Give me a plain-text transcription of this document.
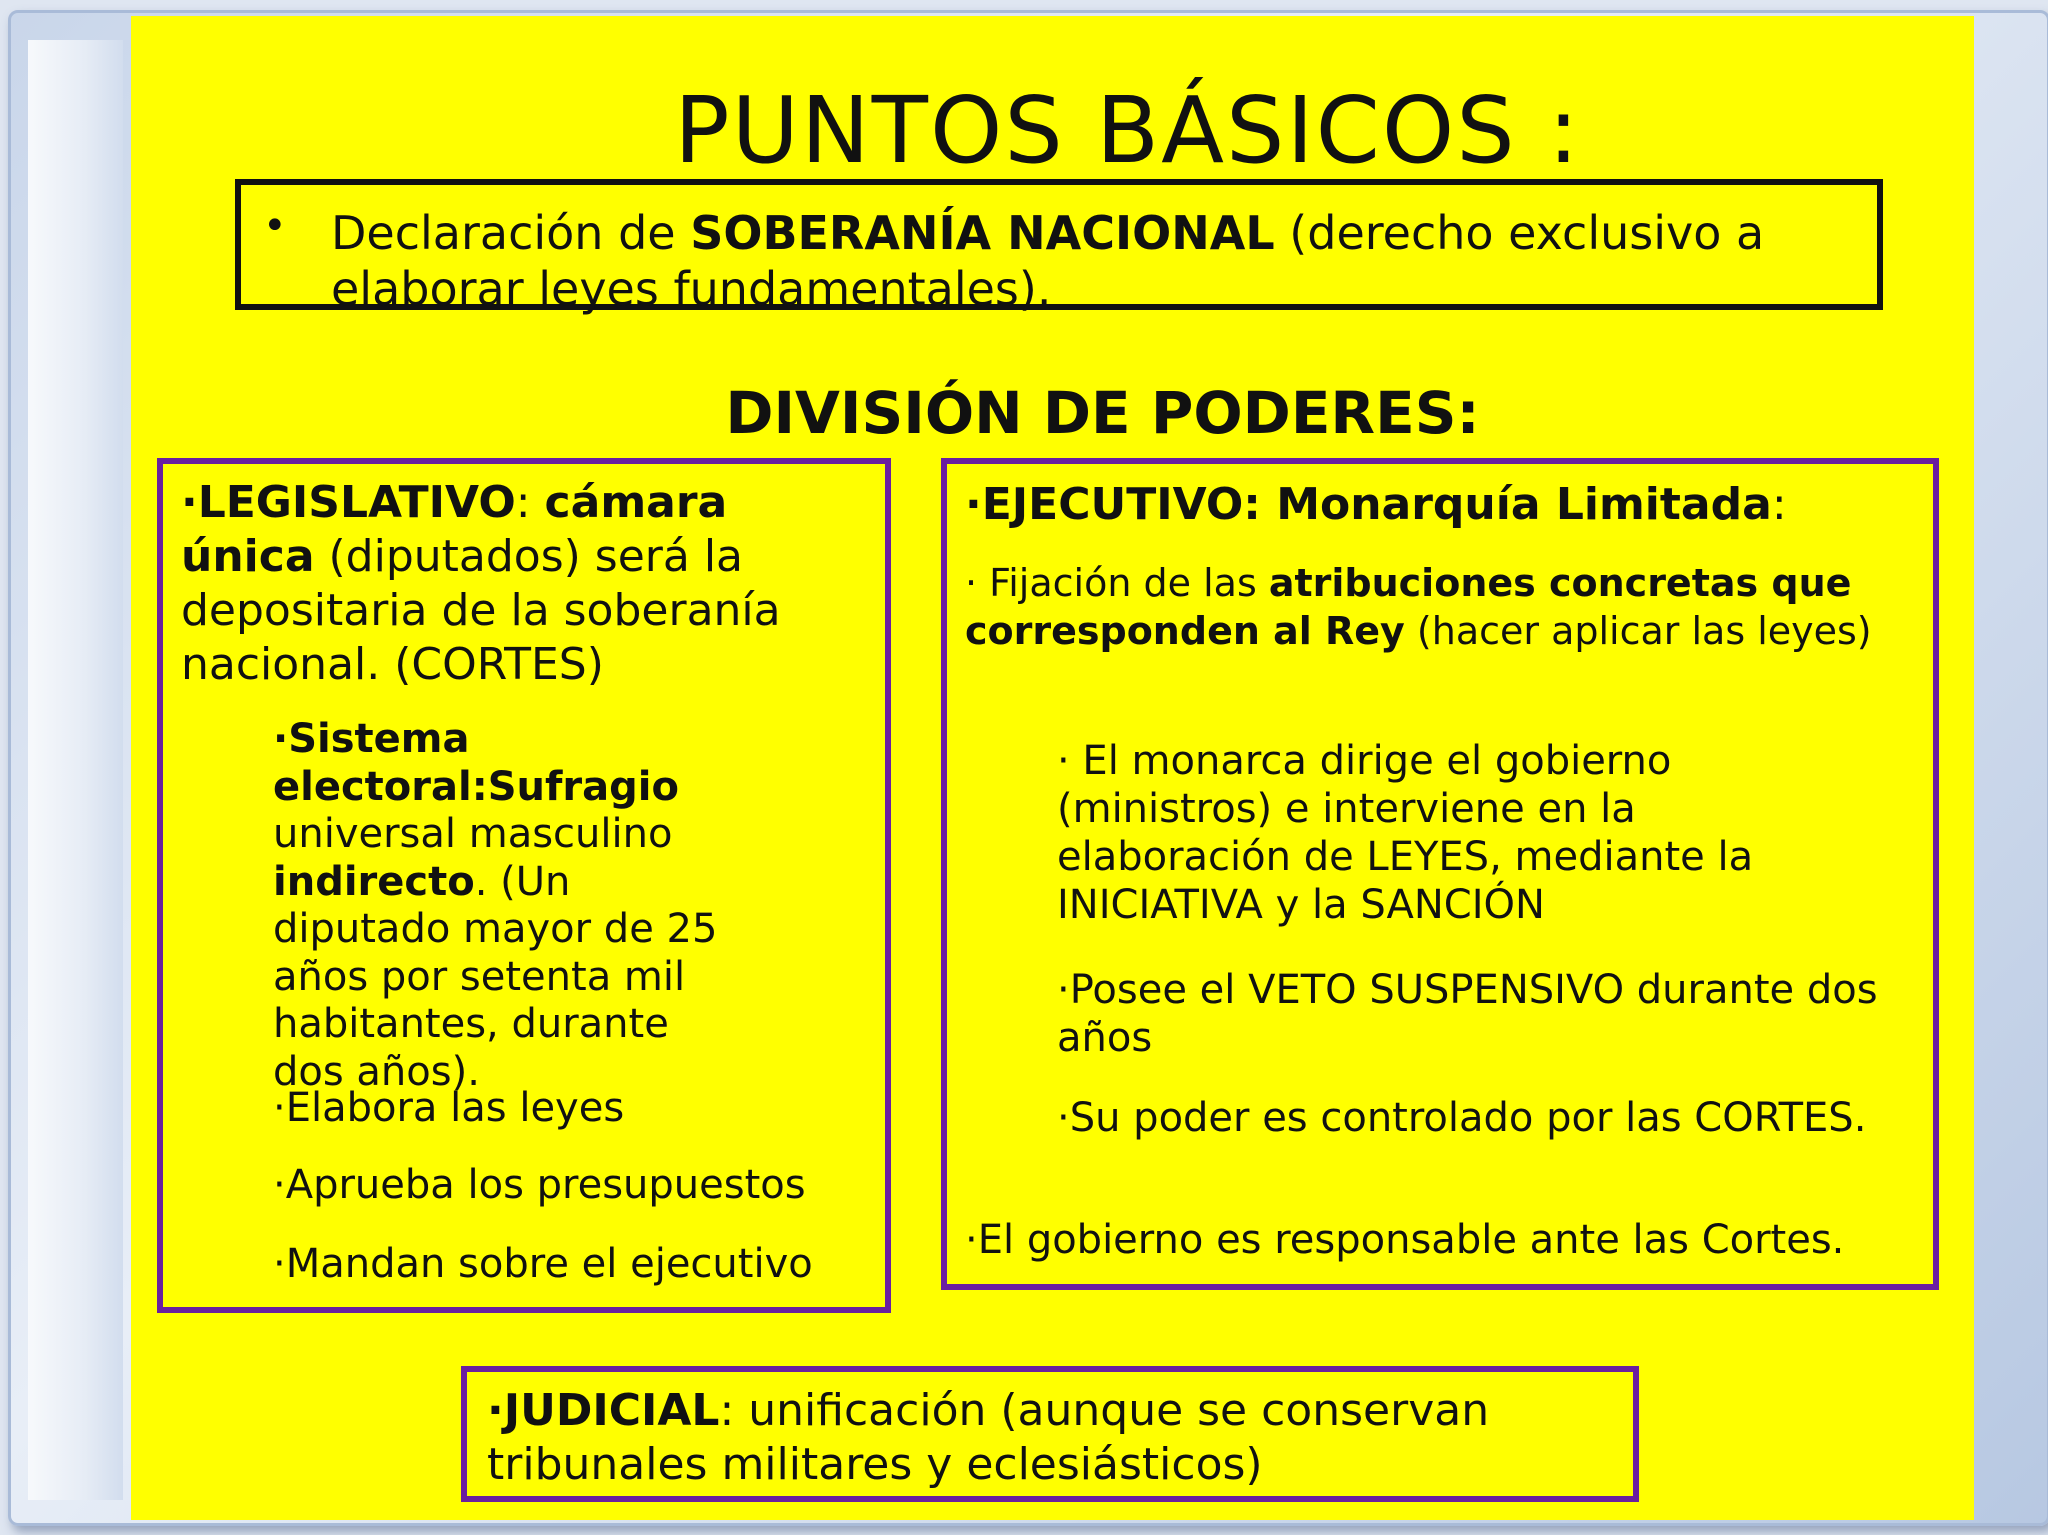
PUNTOS BÁSICOS :
• Declaración de SOBERANÍA NACIONAL (derecho exclusivo a elaborar leyes fundamentales).
DIVISIÓN DE PODERES:

·LEGISLATIVO: cámara única (diputados) será la depositaria de la soberanía nacional. (CORTES)

·Sistema electoral:Sufragio universal masculino indirecto. (Un diputado mayor de 25 años por setenta mil habitantes, durante dos años).

·Elabora las leyes

·Aprueba los presupuestos

·Mandan sobre el ejecutivo

·EJECUTIVO: Monarquía Limitada:

· Fijación de las atribuciones concretas que corresponden al Rey (hacer aplicar las leyes)

· El monarca dirige el gobierno (ministros) e interviene en la elaboración de LEYES, mediante la INICIATIVA y la SANCIÓN

·Posee el VETO SUSPENSIVO durante dos años

·Su poder es controlado por las CORTES.

·El gobierno es responsable ante las Cortes.

·JUDICIAL: unificación (aunque se conservan tribunales militares y eclesiásticos)
